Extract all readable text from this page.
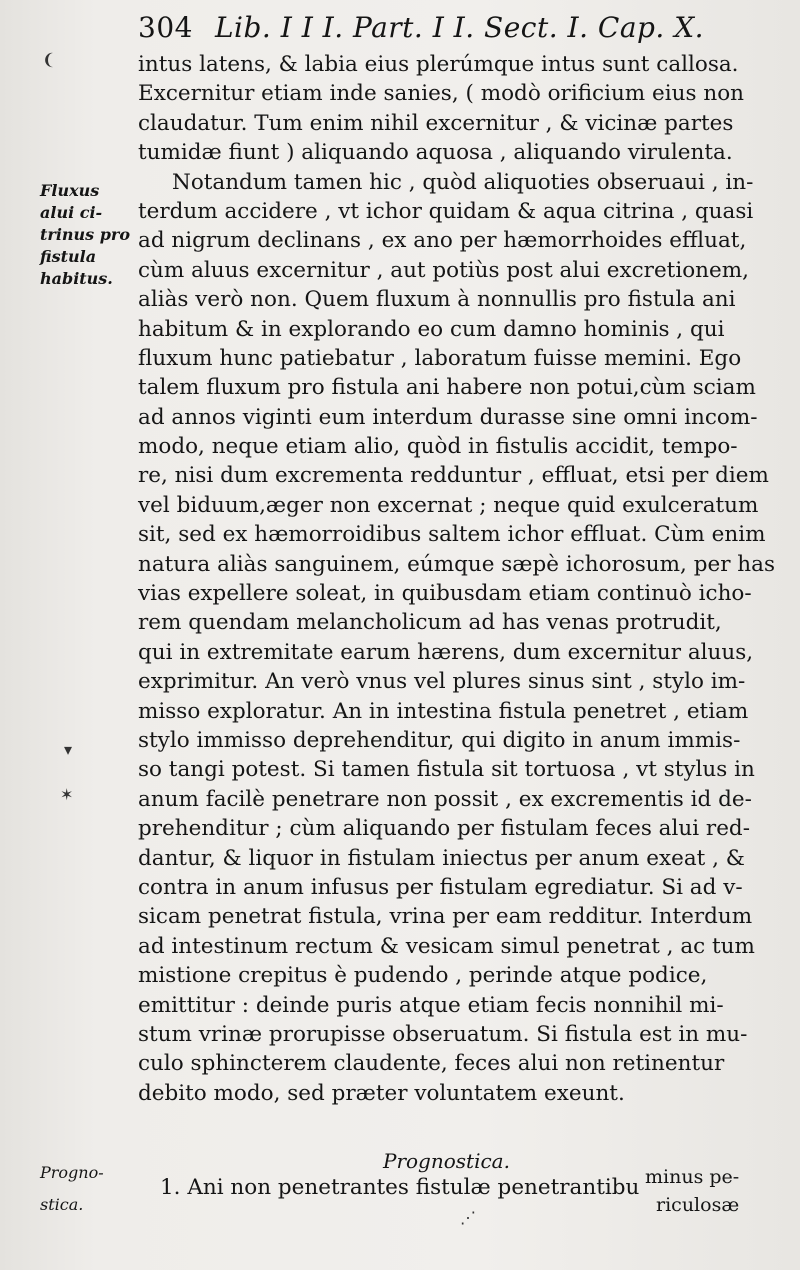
304 Lib. I I I. Part. I I. Sect. I. Cap. X.
intus latens, & labia eius plerúmque intus sunt callosa.
Excernitur etiam inde sanies, ( modò orificium eius non
claudatur. Tum enim nihil excernitur , & vicinæ partes
tumidæ fiunt ) aliquando aquosa , aliquando virulenta.
Notandum tamen hic , quòd aliquoties obseruaui , in-
terdum accidere , vt ichor quidam & aqua citrina , quasi
ad nigrum declinans , ex ano per hæmorrhoides effluat,
cùm aluus excernitur , aut potiùs post alui excretionem,
aliàs verò non. Quem fluxum à nonnullis pro fistula ani
habitum & in explorando eo cum damno hominis , qui
fluxum hunc patiebatur , laboratum fuisse memini. Ego
talem fluxum pro fistula ani habere non potui,cùm sciam
ad annos viginti eum interdum durasse sine omni incom-
modo, neque etiam alio, quòd in fistulis accidit, tempo-
re, nisi dum excrementa redduntur , effluat, etsi per diem
vel biduum,æger non excernat ; neque quid exulceratum
sit, sed ex hæmorroidibus saltem ichor effluat. Cùm enim
natura aliàs sanguinem, eúmque sæpè ichorosum, per has
vias expellere soleat, in quibusdam etiam continuò icho-
rem quendam melancholicum ad has venas protrudit,
qui in extremitate earum hærens, dum excernitur aluus,
exprimitur. An verò vnus vel plures sinus sint , stylo im-
misso exploratur. An in intestina fistula penetret , etiam
stylo immisso deprehenditur, qui digito in anum immis-
so tangi potest. Si tamen fistula sit tortuosa , vt stylus in
anum facilè penetrare non possit , ex excrementis id de-
prehenditur ; cùm aliquando per fistulam feces alui red-
dantur, & liquor in fistulam iniectus per anum exeat , &
contra in anum infusus per fistulam egrediatur. Si ad v-
sicam penetrat fistula, vrina per eam redditur. Interdum
ad intestinum rectum & vesicam simul penetrat , ac tum
mistione crepitus è pudendo , perinde atque podice,
emittitur : deinde puris atque etiam fecis nonnihil mi-
stum vrinæ prorupisse obseruatum. Si fistula est in mu-
culo sphincterem claudente, feces alui non retinentur
debito modo, sed præter voluntatem exeunt.
Prognostica.
1. Ani non penetrantes fistulæ penetrantibu minus pe-
riculosæ
Fluxus
alui ci-
trinus pro
fistula
habitus.
Progno-
stica.
❨
▾
✶
⋰
